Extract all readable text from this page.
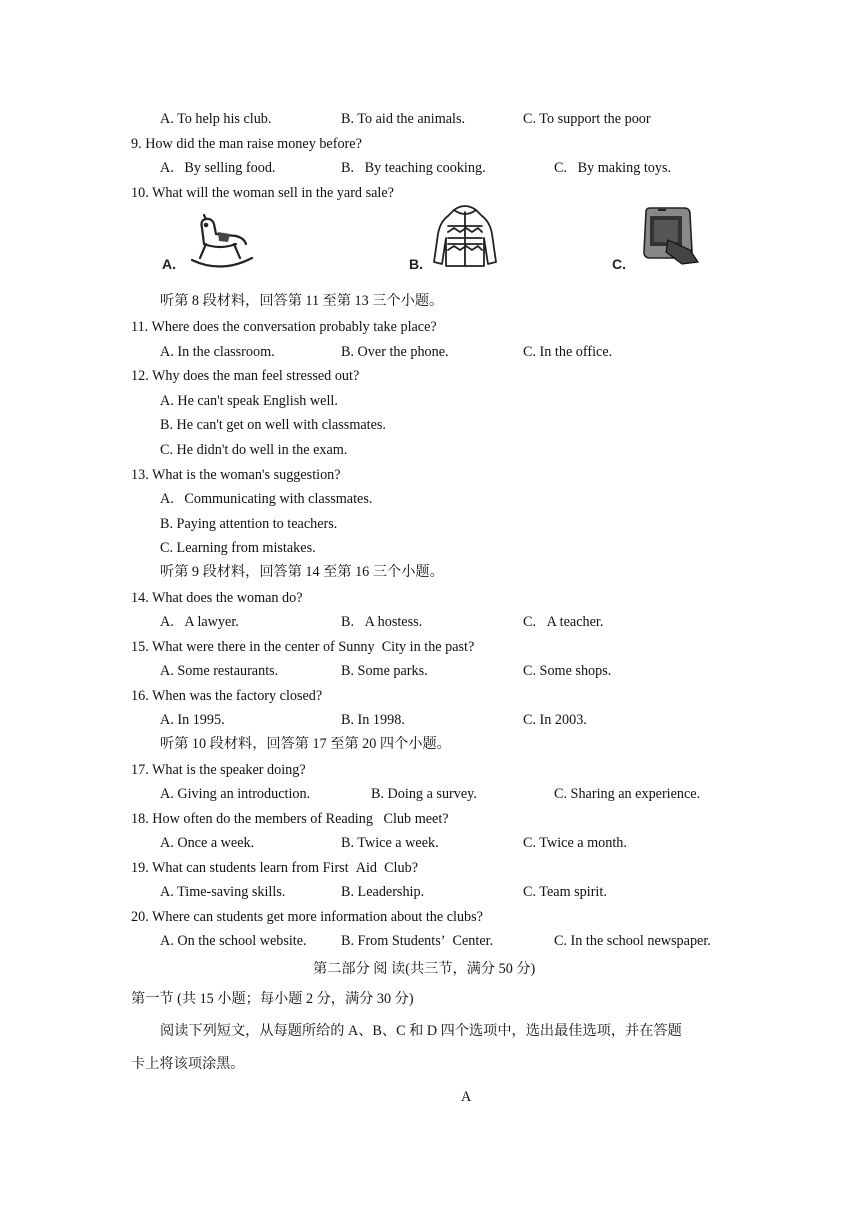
A. To help his club.	B. To aid the animals.	C. To support the poor
9. How did the man raise money before?
A.   By selling food.	B.   By teaching cooking.	C.   By making toys.
10. What will the woman sell in the yard sale?
A.	B.	C.
听第 8 段材料，回答第 11 至第 13 三个小题。
11. Where does the conversation probably take place?
A. In the classroom.	B. Over the phone.	C. In the office.
12. Why does the man feel stressed out?
A. He can't speak English well.
B. He can't get on well with classmates.
C. He didn't do well in the exam.
13. What is the woman's suggestion?
A.   Communicating with classmates.
B. Paying attention to teachers.
C. Learning from mistakes.
听第 9 段材料，回答第 14 至第 16 三个小题。
14. What does the woman do?
A.   A lawyer.	B.   A hostess.	C.   A teacher.
15. What were there in the center of Sunny  City in the past?
A. Some restaurants.	B. Some parks.	C. Some shops.
16. When was the factory closed?
A. In 1995.	B. In 1998.	C. In 2003.
听第 10 段材料，回答第 17 至第 20 四个小题。
17. What is the speaker doing?
A. Giving an introduction.	B. Doing a survey.	C. Sharing an experience.
18. How often do the members of Reading   Club meet?
A. Once a week.	B. Twice a week.	C. Twice a month.
19. What can students learn from First  Aid  Club?
A. Time-saving skills.	B. Leadership.	C. Team spirit.
20. Where can students get more information about the clubs?
A. On the school website. B. From Students’  Center.	C. In the school newspaper.
第二部分 阅 读(共三节，满分 50 分)
第一节 (共 15 小题；每小题 2 分，满分 30 分)
阅读下列短文，从每题所给的 A、B、C 和 D 四个选项中，选出最佳选项，并在答题
卡上将该项涂黑。
A
